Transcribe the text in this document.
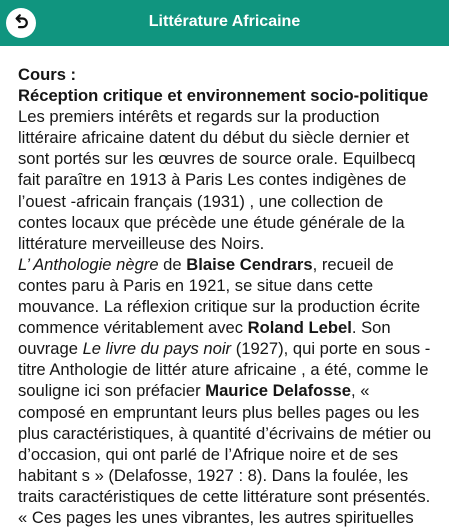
Littérature Africaine

Cours :

Réception critique et environnement socio-politique

Les premiers intérêts et regards sur la production littéraire africaine datent du début du siècle dernier et sont portés sur les œuvres de source orale. Equilbecq fait paraître en 1913 à Paris Les contes indigènes de l’ouest -africain français (1931) , une collection de contes locaux que précède une étude générale de la littérature merveilleuse des Noirs.

L’ Anthologie nègre de Blaise Cendrars, recueil de contes paru à Paris en 1921, se situe dans cette mouvance. La réflexion critique sur la production écrite commence véritablement avec Roland Lebel. Son ouvrage Le livre du pays noir (1927), qui porte en sous - titre Anthologie de littér ature africaine , a été, comme le souligne ici son préfacier Maurice Delafosse, « composé en empruntant leurs plus belles pages ou les plus caractéristiques, à quantité d’écrivains de métier ou d’occasion, qui ont parlé de l’Afrique noire et de ses habitant s » (Delafosse, 1927 : 8). Dans la foulée, les traits caractéristiques de cette littérature sont présentés.

« Ces pages les unes vibrantes, les autres spirituelles
